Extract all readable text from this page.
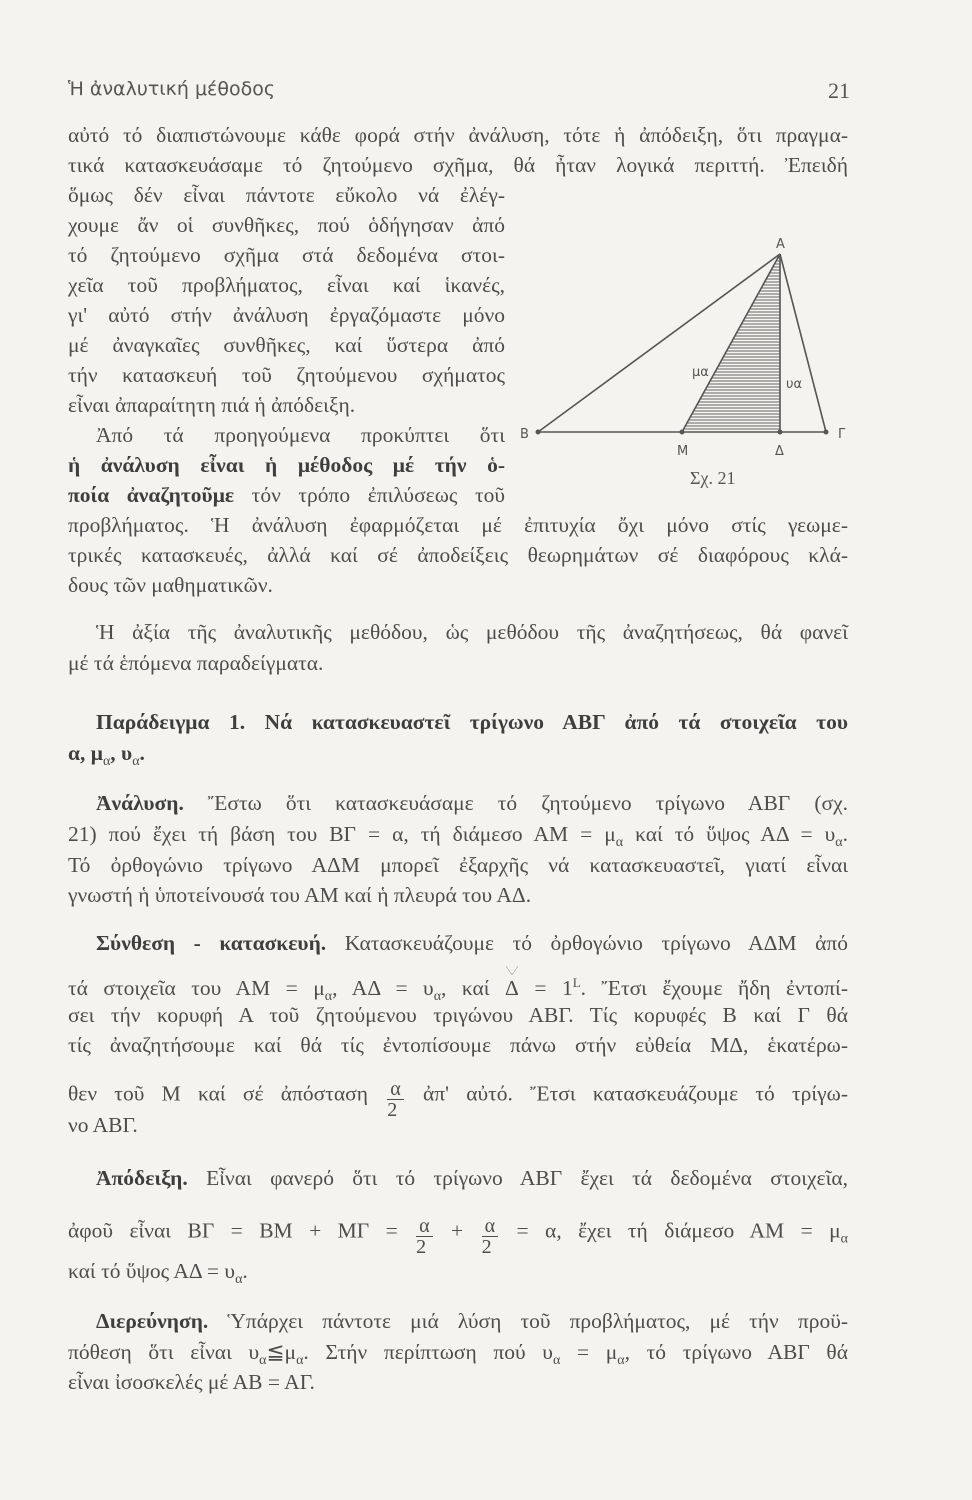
Ἡ ἀναλυτική μέθοδος	21
αὐτό τό διαπιστώνουμε κάθε φορά στήν ἀνάλυση, τότε ἡ ἀπόδειξη, ὅτι πραγμα-
τικά κατασκευάσαμε τό ζητούμενο σχῆμα, θά ἦταν λογικά περιττή. Ἐπειδή
ὅμως δέν εἶναι πάντοτε εὔκολο νά ἐλέγ-
χουμε ἄν οἱ συνθῆκες, πού ὁδήγησαν ἀπό
τό ζητούμενο σχῆμα στά δεδομένα στοι-
χεῖα τοῦ προβλήματος, εἶναι καί ἱκανές,
γι' αὐτό στήν ἀνάλυση ἐργαζόμαστε μόνο
μέ ἀναγκαῖες συνθῆκες, καί ὕστερα ἀπό
τήν κατασκευή τοῦ ζητούμενου σχήματος
εἶναι ἀπαραίτητη πιά ἡ ἀπόδειξη.
Ἀπό τά προηγούμενα προκύπτει ὅτι
ἡ ἀνάλυση εἶναι ἡ μέθοδος μέ τήν ὁ-
ποία ἀναζητοῦμε τόν τρόπο ἐπιλύσεως τοῦ
προβλήματος. Ἡ ἀνάλυση ἐφαρμόζεται μέ ἐπιτυχία ὄχι μόνο στίς γεωμε-
τρικές κατασκευές, ἀλλά καί σέ ἀποδείξεις θεωρημάτων σέ διαφόρους κλά-
δους τῶν μαθηματικῶν.
Ἡ ἀξία τῆς ἀναλυτικῆς μεθόδου, ὡς μεθόδου τῆς ἀναζητήσεως, θά φανεῖ
μέ τά ἑπόμενα παραδείγματα.
Παράδειγμα 1. Νά κατασκευαστεῖ τρίγωνο ΑΒΓ ἀπό τά στοιχεῖα του
α, $\mu_\alpha$, $\upsilon_\alpha$.
Ἀνάλυση. Ἔστω ὅτι κατασκευάσαμε τό ζητούμενο τρίγωνο ΑΒΓ (σχ.
21) πού ἔχει τή βάση του ΒΓ = α, τή διάμεσο $AM = \mu_\alpha$ καί τό ὕψος $A\Delta = \upsilon_\alpha$.
Τό ὀρθογώνιο τρίγωνο ΑΔΜ μπορεῖ ἐξαρχῆς νά κατασκευαστεῖ, γιατί εἶναι
γνωστή ἡ ὑποτείνουσά του ΑΜ καί ἡ πλευρά του ΑΔ.
Σύνθεση - κατασκευή. Κατασκευάζουμε τό ὀρθογώνιο τρίγωνο ΑΔΜ ἀπό
τά στοιχεῖα του $AM = \mu_\alpha$, $A\Delta = \upsilon_\alpha$, καί $\Delta = 1^L$. Ἔτσι ἔχουμε ἤδη ἐντοπί-
σει τήν κορυφή Α τοῦ ζητούμενου τριγώνου ΑΒΓ. Τίς κορυφές Β καί Γ θά
τίς ἀναζητήσουμε καί θά τίς ἐντοπίσουμε πάνω στήν εὐθεία ΜΔ, ἑκατέρω-
θεν τοῦ Μ καί σέ ἀπόσταση $\frac{\alpha}{2}$ ἀπ' αὐτό. Ἔτσι κατασκευάζουμε τό τρίγω-
νο ΑΒΓ.
Ἀπόδειξη. Εἶναι φανερό ὅτι τό τρίγωνο ΑΒΓ ἔχει τά δεδομένα στοιχεῖα,
ἀφοῦ εἶναι $B\Gamma = BM + M\Gamma = \frac{\alpha}{2} + \frac{\alpha}{2} = \alpha$, ἔχει τή διάμεσο $AM = \mu_\alpha$
καί τό ὕψος $A\Delta = \upsilon_\alpha$.
Διερεύνηση. Ὑπάρχει πάντοτε μιά λύση τοῦ προβλήματος, μέ τήν προϋ-
πόθεση ὅτι εἶναι $\upsilon_\alpha≦\mu_\alpha$. Στήν περίπτωση πού $\upsilon_\alpha = \mu_\alpha$, τό τρίγωνο ΑΒΓ θά
εἶναι ἰσοσκελές μέ ΑΒ = ΑΓ.
A
B	Γ
M	Δ
μα
υα
Σχ. 21
